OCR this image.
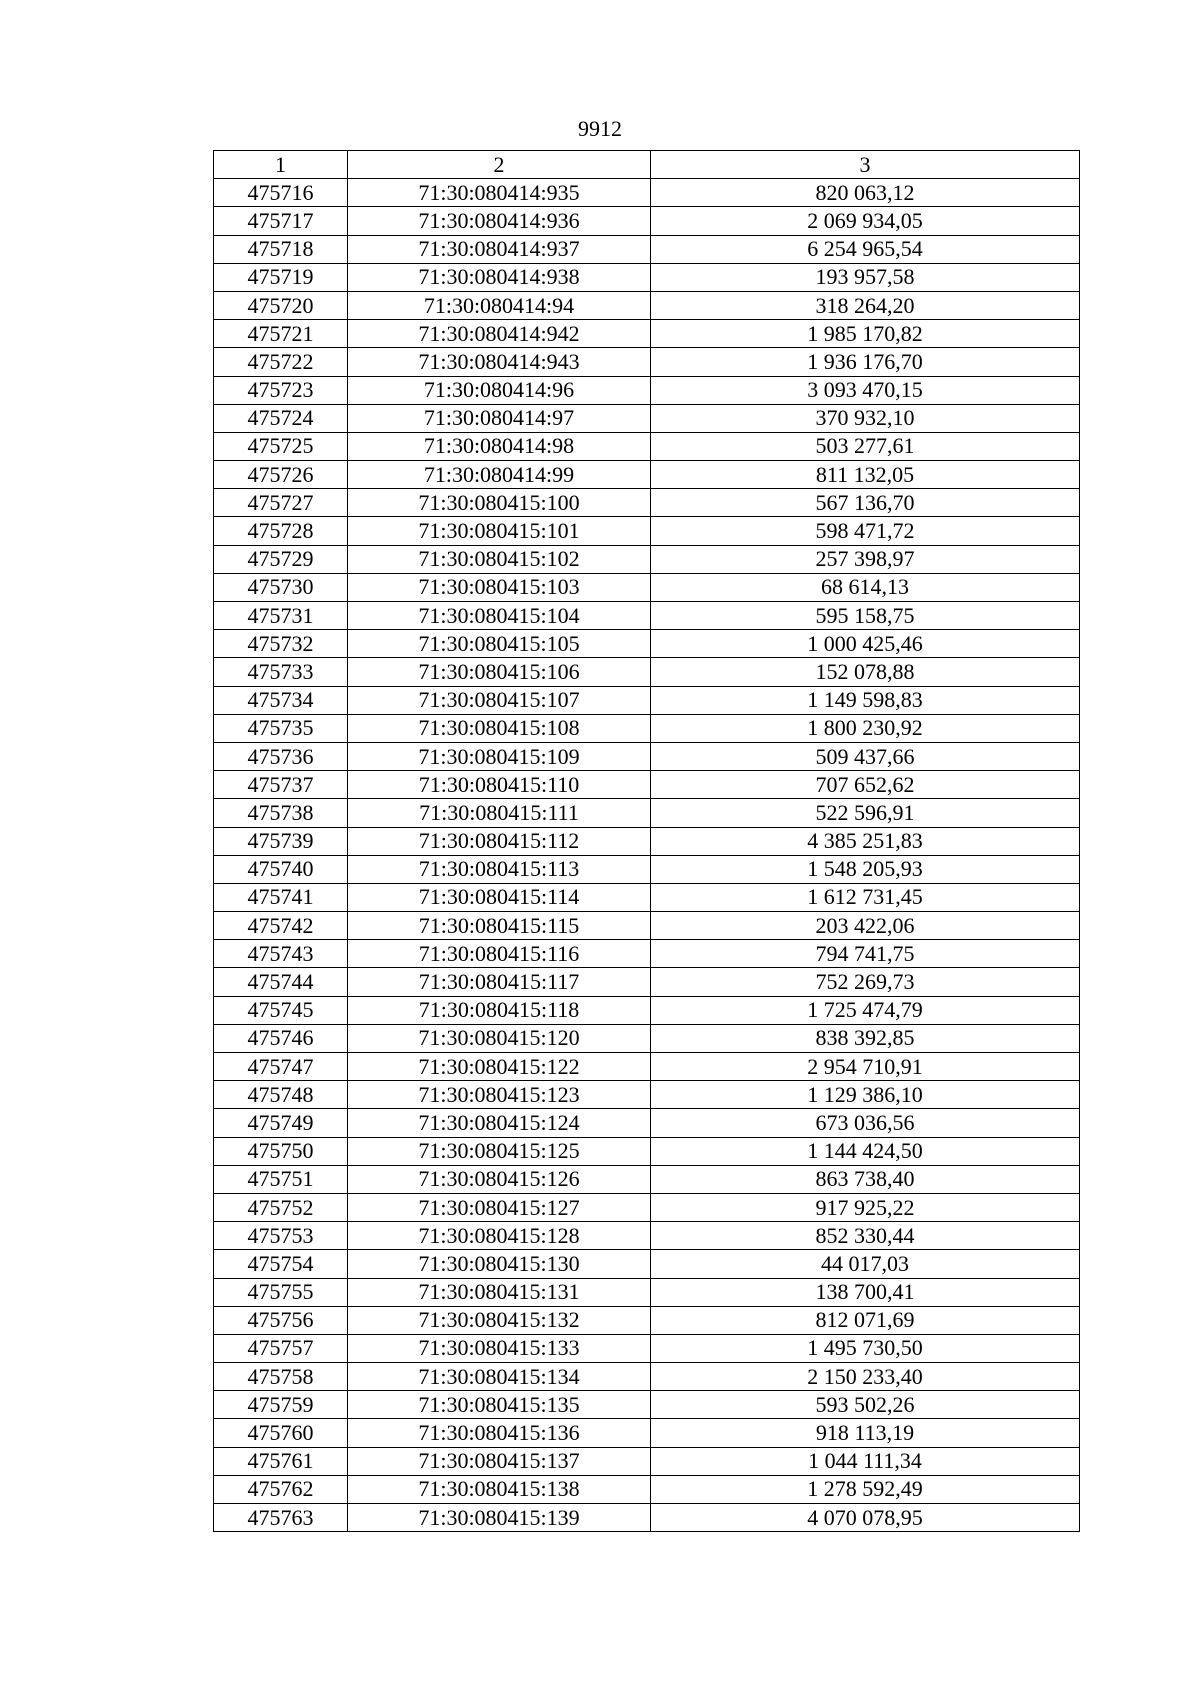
9912
1	2	3
475716	71:30:080414:935	820 063,12
475717	71:30:080414:936	2 069 934,05
475718	71:30:080414:937	6 254 965,54
475719	71:30:080414:938	193 957,58
475720	71:30:080414:94	318 264,20
475721	71:30:080414:942	1 985 170,82
475722	71:30:080414:943	1 936 176,70
475723	71:30:080414:96	3 093 470,15
475724	71:30:080414:97	370 932,10
475725	71:30:080414:98	503 277,61
475726	71:30:080414:99	811 132,05
475727	71:30:080415:100	567 136,70
475728	71:30:080415:101	598 471,72
475729	71:30:080415:102	257 398,97
475730	71:30:080415:103	68 614,13
475731	71:30:080415:104	595 158,75
475732	71:30:080415:105	1 000 425,46
475733	71:30:080415:106	152 078,88
475734	71:30:080415:107	1 149 598,83
475735	71:30:080415:108	1 800 230,92
475736	71:30:080415:109	509 437,66
475737	71:30:080415:110	707 652,62
475738	71:30:080415:111	522 596,91
475739	71:30:080415:112	4 385 251,83
475740	71:30:080415:113	1 548 205,93
475741	71:30:080415:114	1 612 731,45
475742	71:30:080415:115	203 422,06
475743	71:30:080415:116	794 741,75
475744	71:30:080415:117	752 269,73
475745	71:30:080415:118	1 725 474,79
475746	71:30:080415:120	838 392,85
475747	71:30:080415:122	2 954 710,91
475748	71:30:080415:123	1 129 386,10
475749	71:30:080415:124	673 036,56
475750	71:30:080415:125	1 144 424,50
475751	71:30:080415:126	863 738,40
475752	71:30:080415:127	917 925,22
475753	71:30:080415:128	852 330,44
475754	71:30:080415:130	44 017,03
475755	71:30:080415:131	138 700,41
475756	71:30:080415:132	812 071,69
475757	71:30:080415:133	1 495 730,50
475758	71:30:080415:134	2 150 233,40
475759	71:30:080415:135	593 502,26
475760	71:30:080415:136	918 113,19
475761	71:30:080415:137	1 044 111,34
475762	71:30:080415:138	1 278 592,49
475763	71:30:080415:139	4 070 078,95
